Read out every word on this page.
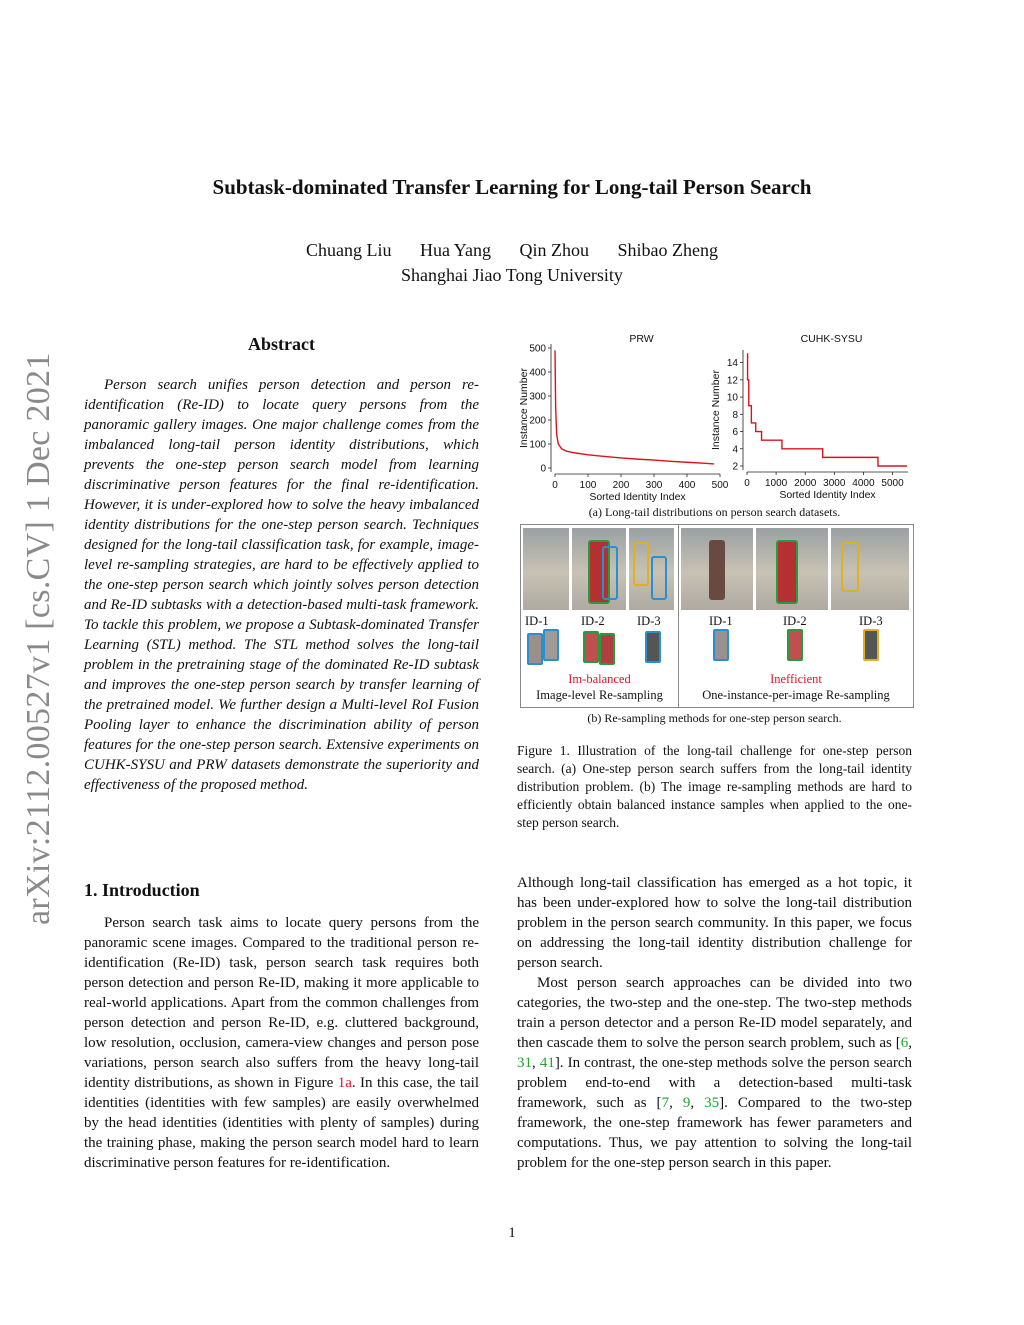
arXiv:2112.00527v1 [cs.CV] 1 Dec 2021
Subtask-dominated Transfer Learning for Long-tail Person Search
Chuang Liu Hua Yang Qin Zhou Shibao Zheng
Shanghai Jiao Tong University
Abstract

Person search unifies person detection and person re-identification (Re-ID) to locate query persons from the panoramic gallery images. One major challenge comes from the imbalanced long-tail person identity distributions, which prevents the one-step person search model from learning discriminative person features for the final re-identification. However, it is under-explored how to solve the heavy imbalanced identity distributions for the one-step person search. Techniques designed for the long-tail classification task, for example, image-level re-sampling strategies, are hard to be effectively applied to the one-step person search which jointly solves person detection and Re-ID subtasks with a detection-based multi-task framework. To tackle this problem, we propose a Subtask-dominated Transfer Learning (STL) method. The STL method solves the long-tail problem in the pretraining stage of the dominated Re-ID subtask and improves the one-step person search by transfer learning of the pretrained model. We further design a Multi-level RoI Fusion Pooling layer to enhance the discrimination ability of person features for the one-step person search. Extensive experiments on CUHK-SYSU and PRW datasets demonstrate the superiority and effectiveness of the proposed method.

1. Introduction

Person search task aims to locate query persons from the panoramic scene images. Compared to the traditional person re-identification (Re-ID) task, person search task requires both person detection and person Re-ID, making it more applicable to real-world applications. Apart from the common challenges from person detection and person Re-ID, e.g. cluttered background, low resolution, occlusion, camera-view changes and person pose variations, person search also suffers from the heavy long-tail identity distributions, as shown in Figure 1a. In this case, the tail identities (identities with few samples) are easily overwhelmed by the head identities (identities with plenty of samples) during the training phase, making the person search model hard to learn discriminative person features for re-identification.

Although long-tail classification has emerged as a hot topic, it has been under-explored how to solve the long-tail distribution problem in the person search community. In this paper, we focus on addressing the long-tail identity distribution challenge for person search.

Most person search approaches can be divided into two categories, the two-step and the one-step. The two-step methods train a person detector and a person Re-ID model separately, and then cascade them to solve the person search problem, such as [6, 31, 41]. In contrast, the one-step methods solve the person search problem end-to-end with a detection-based multi-task framework, such as [7, 9, 35]. Compared to the two-step framework, the one-step framework has fewer parameters and computations. Thus, we pay attention to solving the long-tail problem for the one-step person search in this paper.

0
100
200
300
400
500
0 100 200 300 400 500
PRW
Sorted Identity Index
Instance Number
2
4
6
8
10
12
14
0 1000 2000 3000 4000 5000
CUHK-SYSU
Sorted Identity Index
Instance Number
(a) Long-tail distributions on person search datasets.
ID-1	ID-2	ID-3	ID-1	ID-2	ID-3
Im-balanced
Image-level Re-sampling
Inefficient
One-instance-per-image Re-sampling
(b) Re-sampling methods for one-step person search.
Figure 1. Illustration of the long-tail challenge for one-step person search. (a) One-step person search suffers from the long-tail identity distribution problem. (b) The image re-sampling methods are hard to efficiently obtain balanced instance samples when applied to the one-step person search.
1
